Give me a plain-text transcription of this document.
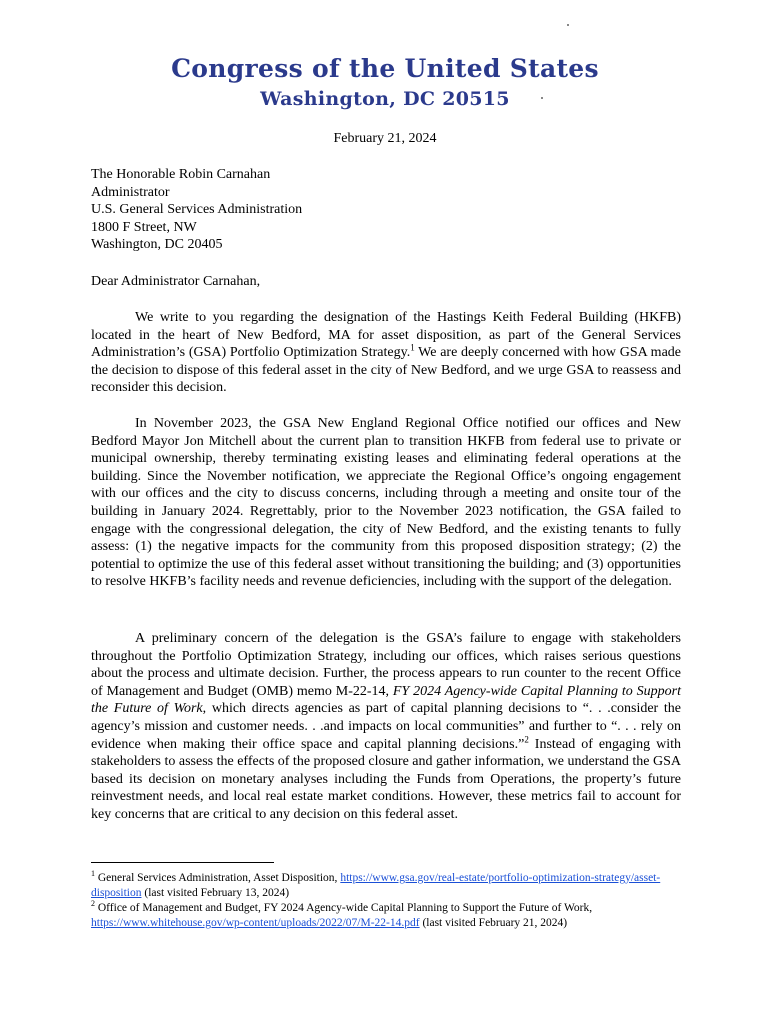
Congress of the United States
Washington, DC 20515
February 21, 2024
The Honorable Robin Carnahan
Administrator
U.S. General Services Administration
1800 F Street, NW
Washington, DC 20405
Dear Administrator Carnahan,
We write to you regarding the designation of the Hastings Keith Federal Building (HKFB) located in the heart of New Bedford, MA for asset disposition, as part of the General Services Administration’s (GSA) Portfolio Optimization Strategy.$^1$ We are deeply concerned with how GSA made the decision to dispose of this federal asset in the city of New Bedford, and we urge GSA to reassess and reconsider this decision.
In November 2023, the GSA New England Regional Office notified our offices and New Bedford Mayor Jon Mitchell about the current plan to transition HKFB from federal use to private or municipal ownership, thereby terminating existing leases and eliminating federal operations at the building. Since the November notification, we appreciate the Regional Office’s ongoing engagement with our offices and the city to discuss concerns, including through a meeting and onsite tour of the building in January 2024. Regrettably, prior to the November 2023 notification, the GSA failed to engage with the congressional delegation, the city of New Bedford, and the existing tenants to fully assess: (1) the negative impacts for the community from this proposed disposition strategy; (2) the potential to optimize the use of this federal asset without transitioning the building; and (3) opportunities to resolve HKFB’s facility needs and revenue deficiencies, including with the support of the delegation.
A preliminary concern of the delegation is the GSA’s failure to engage with stakeholders throughout the Portfolio Optimization Strategy, including our offices, which raises serious questions about the process and ultimate decision. Further, the process appears to run counter to the recent Office of Management and Budget (OMB) memo M-22-14, FY 2024 Agency-wide Capital Planning to Support the Future of Work, which directs agencies as part of capital planning decisions to “. . .consider the agency’s mission and customer needs. . .and impacts on local communities” and further to “. . . rely on evidence when making their office space and capital planning decisions.”$^2$ Instead of engaging with stakeholders to assess the effects of the proposed closure and gather information, we understand the GSA based its decision on monetary analyses including the Funds from Operations, the property’s future reinvestment needs, and local real estate market conditions. However, these metrics fail to account for key concerns that are critical to any decision on this federal asset.
$^1$ General Services Administration, Asset Disposition, https://www.gsa.gov/real-estate/portfolio-optimization-strategy/asset-disposition (last visited February 13, 2024)
$^2$ Office of Management and Budget, FY 2024 Agency-wide Capital Planning to Support the Future of Work, https://www.whitehouse.gov/wp-content/uploads/2022/07/M-22-14.pdf (last visited February 21, 2024)
